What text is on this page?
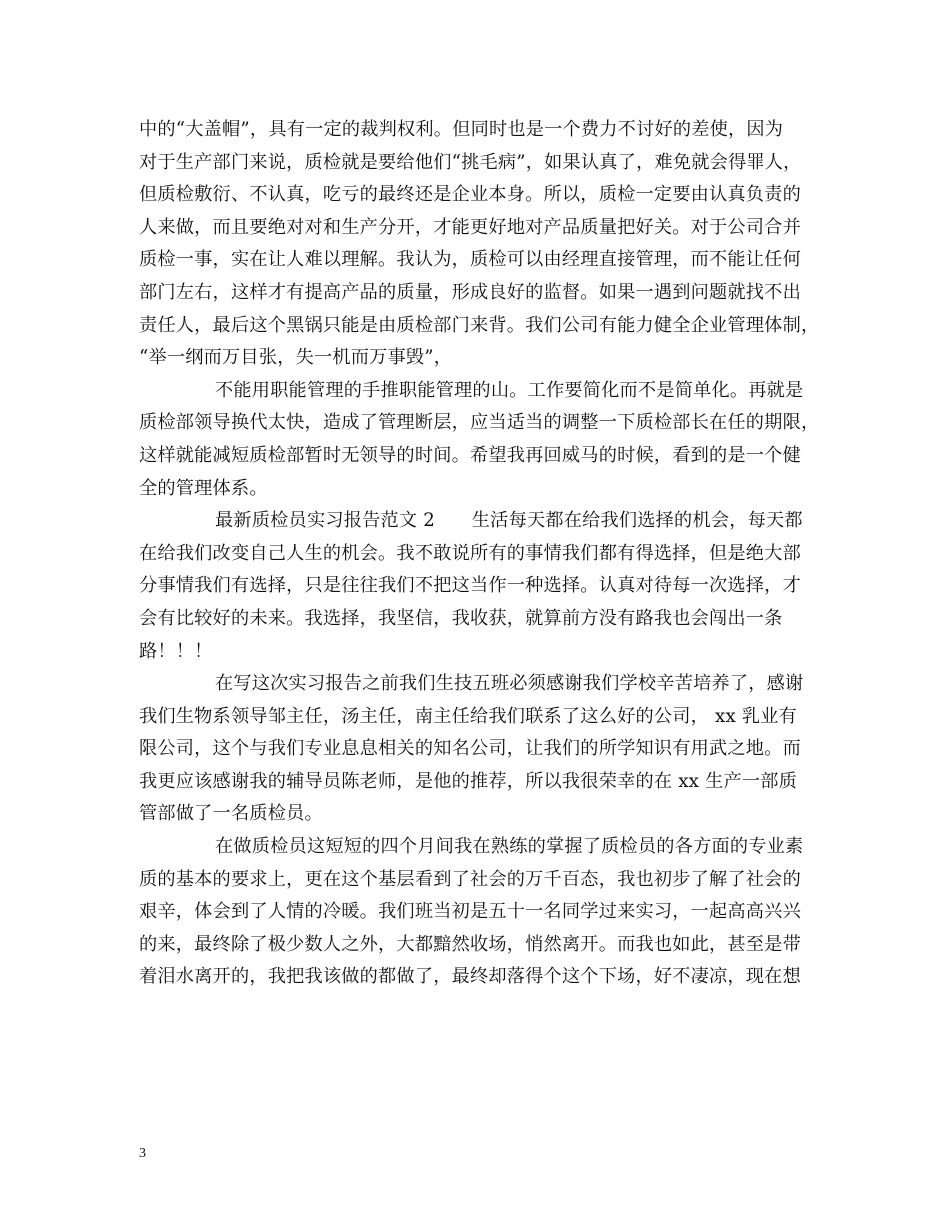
中的“大盖帽”，具有一定的裁判权利。但同时也是一个费力不讨好的差使，因为
对于生产部门来说，质检就是要给他们“挑毛病”，如果认真了，难免就会得罪人，
但质检敷衍、不认真，吃亏的最终还是企业本身。所以，质检一定要由认真负责的
人来做，而且要绝对对和生产分开，才能更好地对产品质量把好关。对于公司合并
质检一事，实在让人难以理解。我认为，质检可以由经理直接管理，而不能让任何
部门左右，这样才有提高产品的质量，形成良好的监督。如果一遇到问题就找不出
责任人，最后这个黑锅只能是由质检部门来背。我们公司有能力健全企业管理体制，
“举一纲而万目张，失一机而万事毁”，
不能用职能管理的手推职能管理的山。工作要简化而不是简单化。再就是
质检部领导换代太快，造成了管理断层，应当适当的调整一下质检部长在任的期限，
这样就能减短质检部暂时无领导的时间。希望我再回威马的时候，看到的是一个健
全的管理体系。
最新质检员实习报告范文 2　　生活每天都在给我们选择的机会，每天都
在给我们改变自己人生的机会。我不敢说所有的事情我们都有得选择，但是绝大部
分事情我们有选择，只是往往我们不把这当作一种选择。认真对待每一次选择，才
会有比较好的未来。我选择，我坚信，我收获，就算前方没有路我也会闯出一条
路！！！
在写这次实习报告之前我们生技五班必须感谢我们学校辛苦培养了，感谢
我们生物系领导邹主任，汤主任，南主任给我们联系了这么好的公司， xx 乳业有
限公司，这个与我们专业息息相关的知名公司，让我们的所学知识有用武之地。而
我更应该感谢我的辅导员陈老师，是他的推荐，所以我很荣幸的在 xx 生产一部质
管部做了一名质检员。
在做质检员这短短的四个月间我在熟练的掌握了质检员的各方面的专业素
质的基本的要求上，更在这个基层看到了社会的万千百态，我也初步了解了社会的
艰辛，体会到了人情的冷暖。我们班当初是五十一名同学过来实习，一起高高兴兴
的来，最终除了极少数人之外，大都黯然收场，悄然离开。而我也如此，甚至是带
着泪水离开的，我把我该做的都做了，最终却落得个这个下场，好不凄凉，现在想
3
